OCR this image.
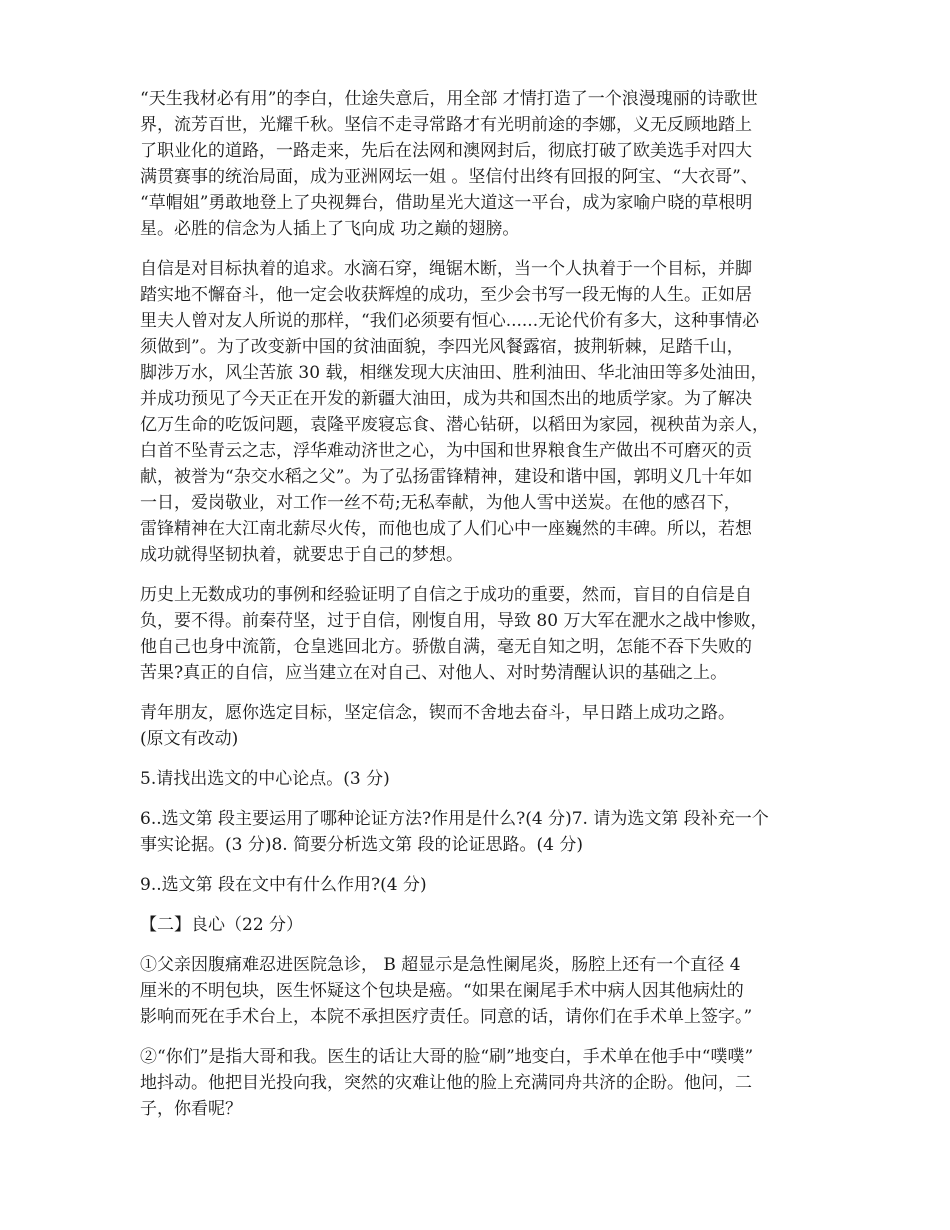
“天生我材必有用”的李白，仕途失意后，用全部 才情打造了一个浪漫瑰丽的诗歌世
界，流芳百世，光耀千秋。坚信不走寻常路才有光明前途的李娜，义无反顾地踏上
了职业化的道路，一路走来，先后在法网和澳网封后，彻底打破了欧美选手对四大
满贯赛事的统治局面，成为亚洲网坛一姐 。坚信付出终有回报的阿宝、“大衣哥”、
“草帽姐”勇敢地登上了央视舞台，借助星光大道这一平台，成为家喻户晓的草根明
星。必胜的信念为人插上了飞向成 功之巅的翅膀。

自信是对目标执着的追求。水滴石穿，绳锯木断，当一个人执着于一个目标，并脚
踏实地不懈奋斗，他一定会收获辉煌的成功，至少会书写一段无悔的人生。正如居
里夫人曾对友人所说的那样，“我们必须要有恒心......无论代价有多大，这种事情必
须做到”。为了改变新中国的贫油面貌，李四光风餐露宿，披荆斩棘，足踏千山，
脚涉万水，风尘苦旅 30 载，相继发现大庆油田、胜利油田、华北油田等多处油田，
并成功预见了今天正在开发的新疆大油田，成为共和国杰出的地质学家。为了解决
亿万生命的吃饭问题，袁隆平废寝忘食、潜心钻研，以稻田为家园，视秧苗为亲人，
白首不坠青云之志，浮华难动济世之心，为中国和世界粮食生产做出不可磨灭的贡
献，被誉为“杂交水稻之父”。为了弘扬雷锋精神，建设和谐中国，郭明义几十年如
一日，爱岗敬业，对工作一丝不苟;无私奉献，为他人雪中送炭。在他的感召下，
雷锋精神在大江南北薪尽火传，而他也成了人们心中一座巍然的丰碑。所以，若想
成功就得坚韧执着，就要忠于自己的梦想。

历史上无数成功的事例和经验证明了自信之于成功的重要，然而，盲目的自信是自
负，要不得。前秦苻坚，过于自信，刚愎自用，导致 80 万大军在淝水之战中惨败，
他自己也身中流箭，仓皇逃回北方。骄傲自满，毫无自知之明，怎能不吞下失败的
苦果?真正的自信，应当建立在对自己、对他人、对时势清醒认识的基础之上。

青年朋友，愿你选定目标，坚定信念，锲而不舍地去奋斗，早日踏上成功之路。
(原文有改动)

5.请找出选文的中心论点。(3 分)

6..选文第 段主要运用了哪种论证方法?作用是什么?(4 分)7. 请为选文第 段补充一个
事实论据。(3 分)8. 简要分析选文第 段的论证思路。(4 分)

9..选文第 段在文中有什么作用?(4 分)

【二】良心（22 分）

①父亲因腹痛难忍进医院急诊， B 超显示是急性阑尾炎，肠腔上还有一个直径 4
厘米的不明包块，医生怀疑这个包块是癌。“如果在阑尾手术中病人因其他病灶的
影响而死在手术台上，本院不承担医疗责任。同意的话，请你们在手术单上签字。”

②“你们”是指大哥和我。医生的话让大哥的脸“刷”地变白，手术单在他手中“噗噗”
地抖动。他把目光投向我，突然的灾难让他的脸上充满同舟共济的企盼。他问，二
子，你看呢？
